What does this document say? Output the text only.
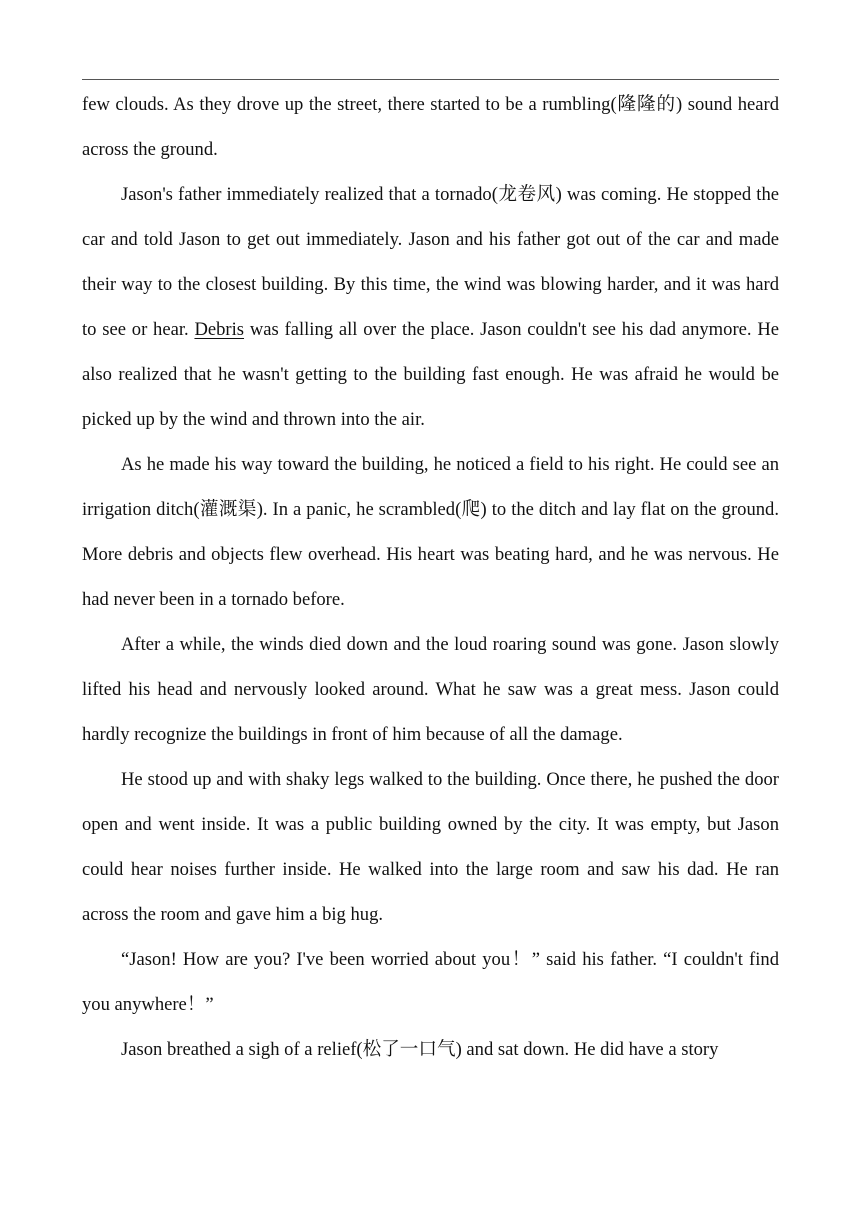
few clouds. As they drove up the street, there started to be a rumbling(隆隆的) sound heard across the ground.

Jason's father immediately realized that a tornado(龙卷风) was coming. He stopped the car and told Jason to get out immediately. Jason and his father got out of the car and made their way to the closest building. By this time, the wind was blowing harder, and it was hard to see or hear. Debris was falling all over the place. Jason couldn't see his dad anymore. He also realized that he wasn't getting to the building fast enough. He was afraid he would be picked up by the wind and thrown into the air.

As he made his way toward the building, he noticed a field to his right. He could see an irrigation ditch(灌溉渠). In a panic, he scrambled(爬) to the ditch and lay flat on the ground. More debris and objects flew overhead. His heart was beating hard, and he was nervous. He had never been in a tornado before.

After a while, the winds died down and the loud roaring sound was gone. Jason slowly lifted his head and nervously looked around. What he saw was a great mess. Jason could hardly recognize the buildings in front of him because of all the damage.

He stood up and with shaky legs walked to the building. Once there, he pushed the door open and went inside. It was a public building owned by the city. It was empty, but Jason could hear noises further inside. He walked into the large room and saw his dad. He ran across the room and gave him a big hug.

“Jason! How are you? I've been worried about you！” said his father. “I couldn't find you anywhere！”

Jason breathed a sigh of a relief(松了一口气) and sat down. He did have a story
